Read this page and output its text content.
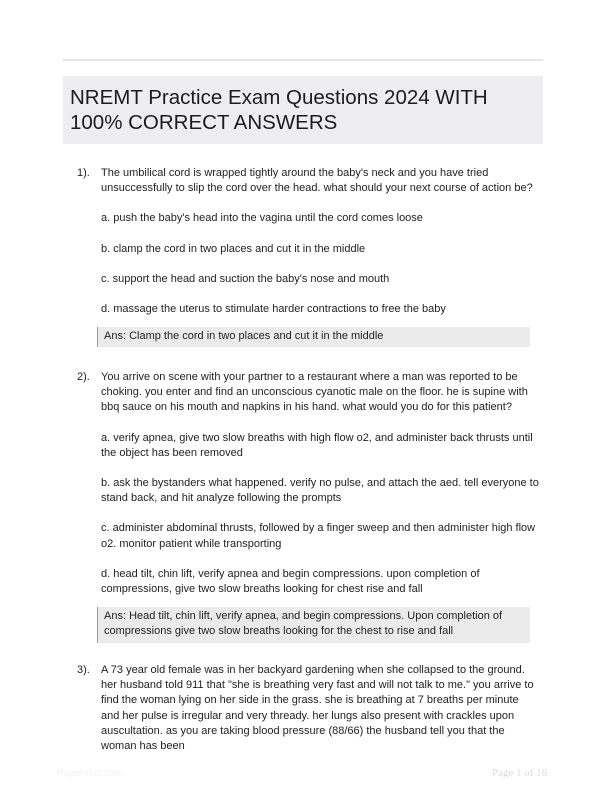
NREMT Practice Exam Questions 2024 WITH 100% CORRECT ANSWERS
1). The umbilical cord is wrapped tightly around the baby's neck and you have tried unsuccessfully to slip the cord over the head. what should your next course of action be?

a. push the baby's head into the vagina until the cord comes loose

b. clamp the cord in two places and cut it in the middle

c. support the head and suction the baby's nose and mouth

d. massage the uterus to stimulate harder contractions to free the baby

Ans: Clamp the cord in two places and cut it in the middle
2). You arrive on scene with your partner to a restaurant where a man was reported to be choking. you enter and find an unconscious cyanotic male on the floor. he is supine with bbq sauce on his mouth and napkins in his hand. what would you do for this patient?

a. verify apnea, give two slow breaths with high flow o2, and administer back thrusts until the object has been removed

b. ask the bystanders what happened. verify no pulse, and attach the aed. tell everyone to stand back, and hit analyze following the prompts

c. administer abdominal thrusts, followed by a finger sweep and then administer high flow o2. monitor patient while transporting

d. head tilt, chin lift, verify apnea and begin compressions. upon completion of compressions, give two slow breaths looking for chest rise and fall

Ans: Head tilt, chin lift, verify apnea, and begin compressions. Upon completion of compressions give two slow breaths looking for the chest to rise and fall
3). A 73 year old female was in her backyard gardening when she collapsed to the ground. her husband told 911 that "she is breathing very fast and will not talk to me." you arrive to find the woman lying on her side in the grass. she is breathing at 7 breaths per minute and her pulse is irregular and very thready. her lungs also present with crackles upon auscultation. as you are taking blood pressure (88/66) the husband tell you that the woman has been

Papersbic.com	Page 1 of 18
